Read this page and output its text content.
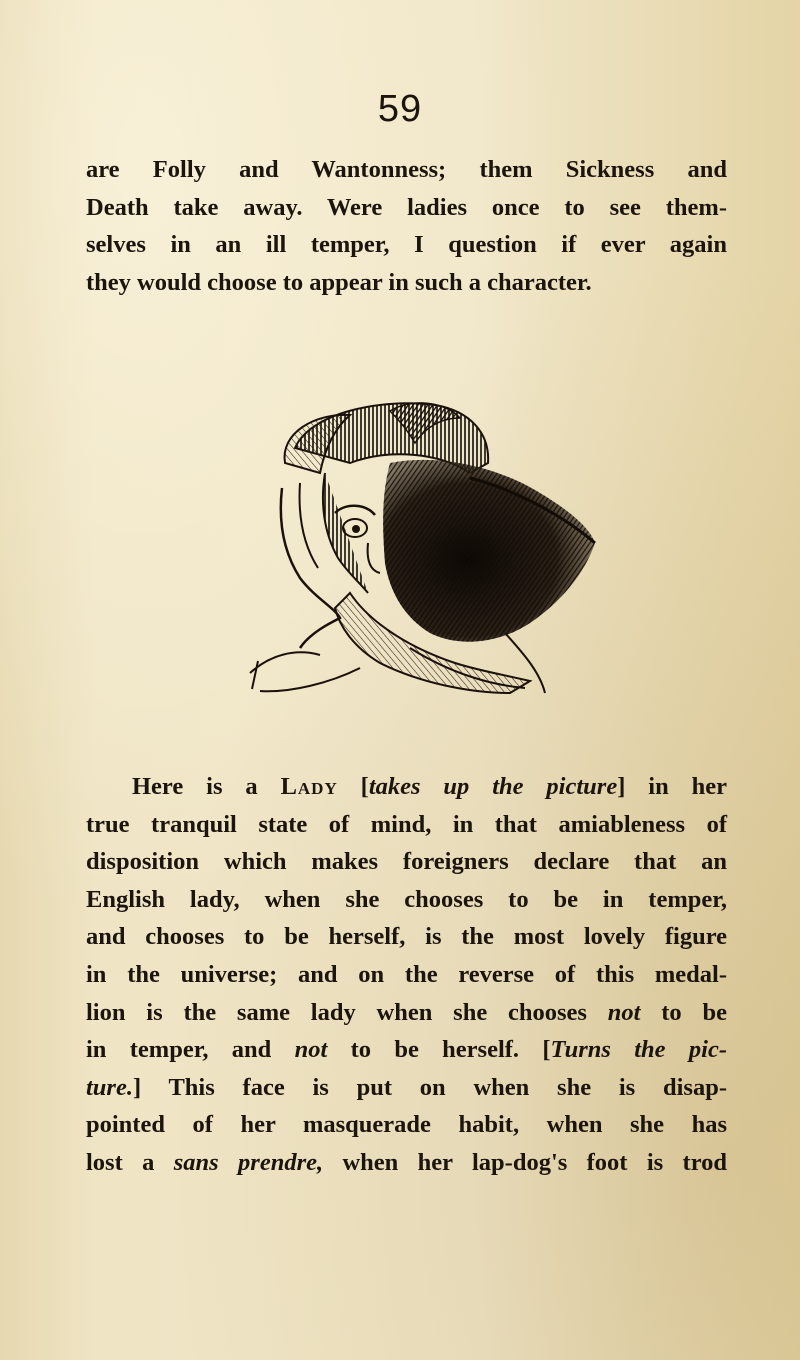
59
are Folly and Wantonness; them Sickness and
Death take away. Were ladies once to see them-
selves in an ill temper, I question if ever again
they would choose to appear in such a character.
Here is a Lady [takes up the picture] in her
true tranquil state of mind, in that amiableness of
disposition which makes foreigners declare that an
English lady, when she chooses to be in temper,
and chooses to be herself, is the most lovely figure
in the universe; and on the reverse of this medal-
lion is the same lady when she chooses not to be
in temper, and not to be herself. [Turns the pic-
ture.] This face is put on when she is disap-
pointed of her masquerade habit, when she has
lost a sans prendre, when her lap-dog's foot is trod
